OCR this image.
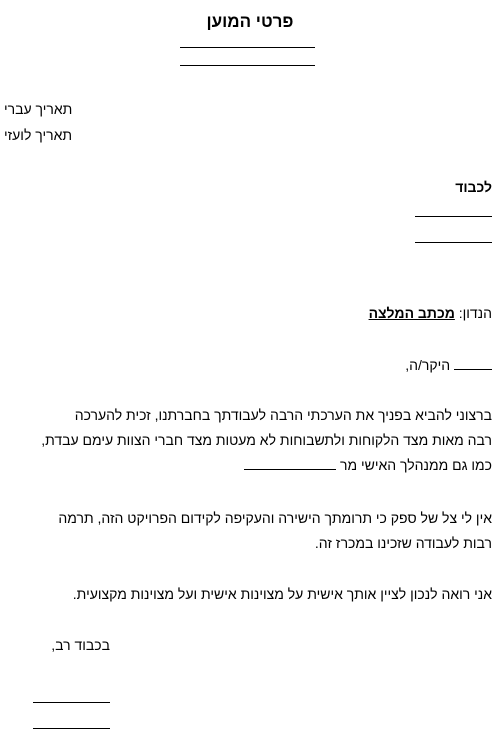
פרטי המוען
תאריך עברי
תאריך לועזי
לכבוד
הנדון: מכתב המלצה
היקר/ה,
ברצוני להביא בפניך את הערכתי הרבה לעבודתך בחברתנו, זכית להערכה
רבה מאות מצד הלקוחות ולתשבוחות לא מעטות מצד חברי הצוות עימם עבדת,
כמו גם ממנהלך האישי מר
אין לי צל של ספק כי תרומתך הישירה והעקיפה לקידום הפרויקט הזה, תרמה
רבות לעבודה שזכינו במכרז זה.
אני רואה לנכון לציין אותך אישית על מצוינות אישית ועל מצוינות מקצועית.
בכבוד רב,
